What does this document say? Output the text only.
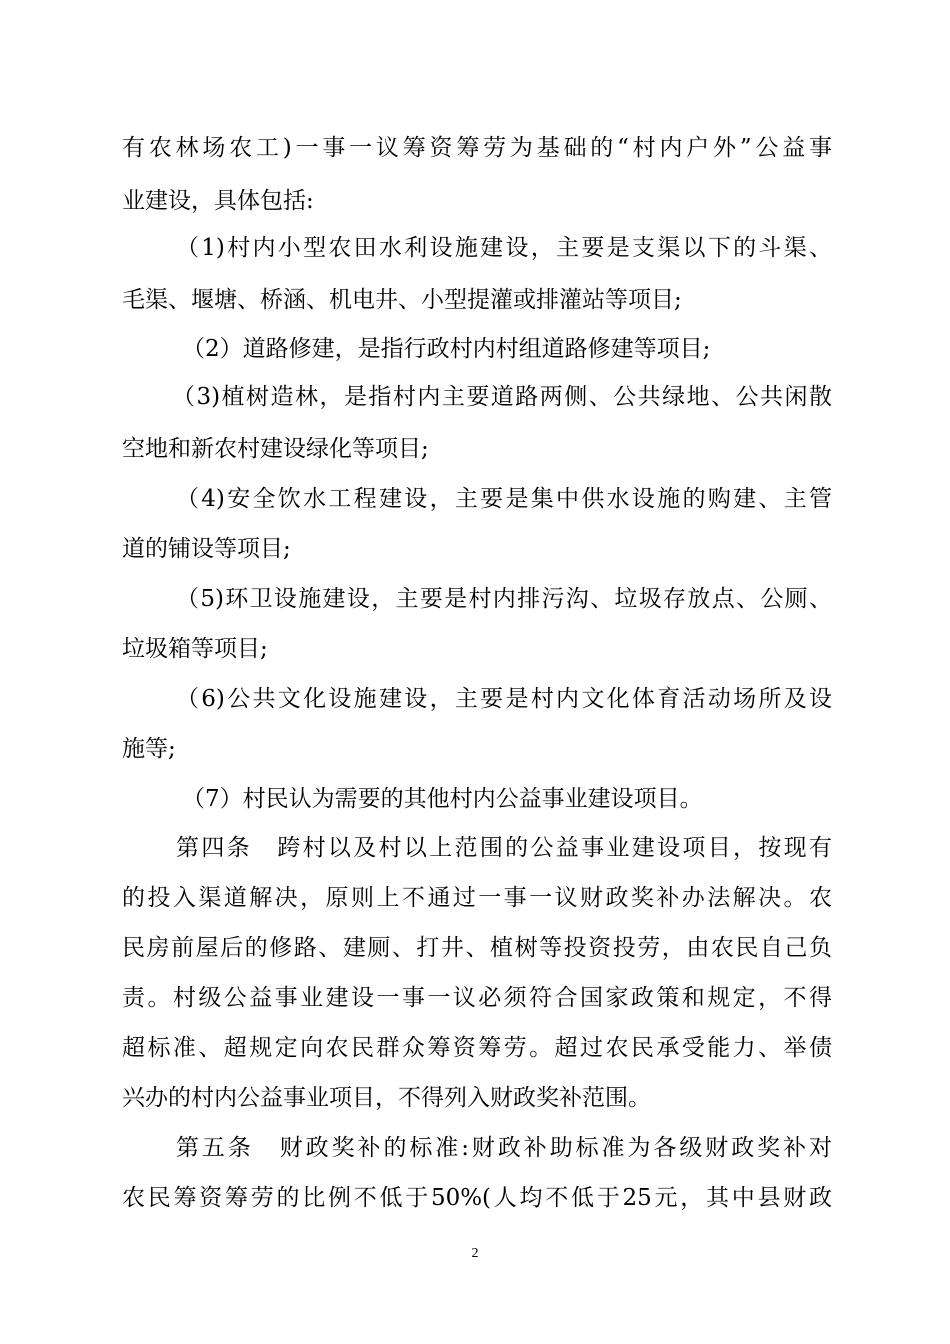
有农林场农工)一事一议筹资筹劳为基础的“村内户外”公益事
业建设，具体包括:
（1)村内小型农田水利设施建设，主要是支渠以下的斗渠、
毛渠、堰塘、桥涵、机电井、小型提灌或排灌站等项目;
（2）道路修建，是指行政村内村组道路修建等项目;
（3)植树造林，是指村内主要道路两侧、公共绿地、公共闲散
空地和新农村建设绿化等项目;
（4)安全饮水工程建设，主要是集中供水设施的购建、主管
道的铺设等项目;
（5)环卫设施建设，主要是村内排污沟、垃圾存放点、公厕、
垃圾箱等项目;
（6)公共文化设施建设，主要是村内文化体育活动场所及设
施等;
（7）村民认为需要的其他村内公益事业建设项目。
第四条　跨村以及村以上范围的公益事业建设项目，按现有
的投入渠道解决，原则上不通过一事一议财政奖补办法解决。农
民房前屋后的修路、建厕、打井、植树等投资投劳，由农民自己负
责。村级公益事业建设一事一议必须符合国家政策和规定，不得
超标准、超规定向农民群众筹资筹劳。超过农民承受能力、举债
兴办的村内公益事业项目，不得列入财政奖补范围。
第五条　财政奖补的标准:财政补助标准为各级财政奖补对
农民筹资筹劳的比例不低于50%(人均不低于25元，其中县财政
2
